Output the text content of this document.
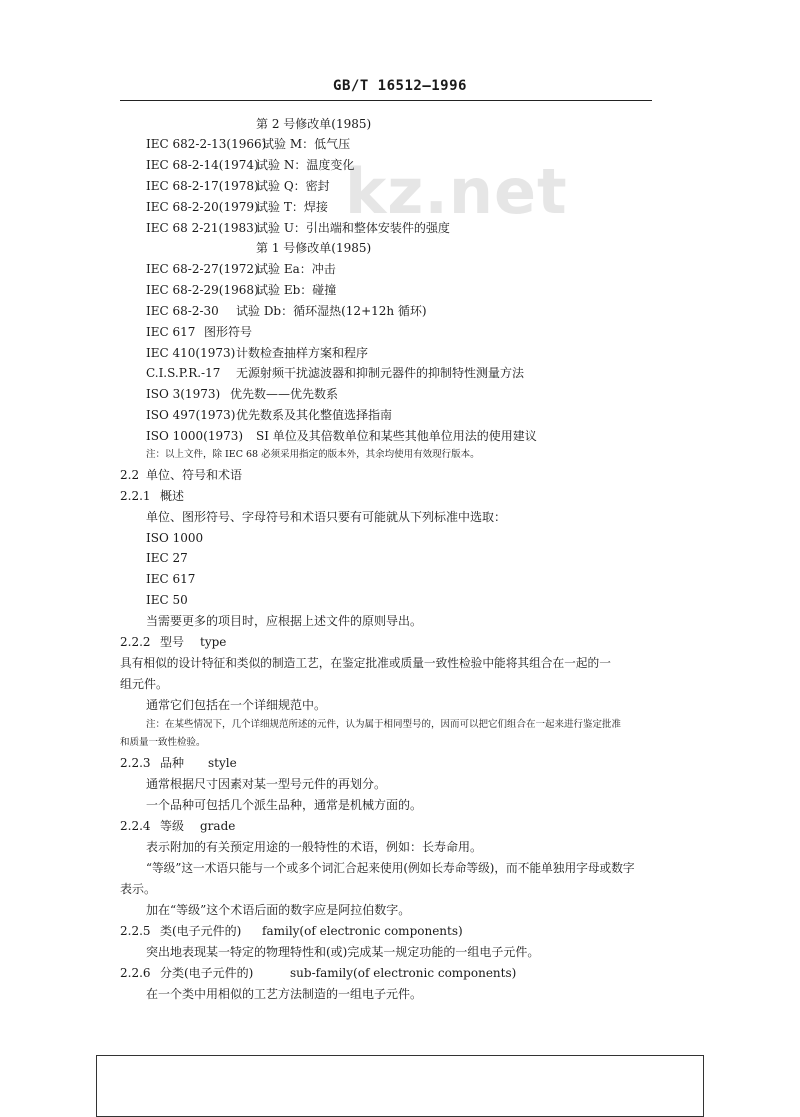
GB/T 16512—1996
kz.net
第 2 号修改单(1985)
IEC 682-2-13(1966)
试验 M：低气压
IEC 68-2-14(1974)
试验 N：温度变化
IEC 68-2-17(1978)
试验 Q：密封
IEC 68-2-20(1979)
试验 T：焊接
IEC 68 2-21(1983)
试验 U：引出端和整体安装件的强度
第 1 号修改单(1985)
IEC 68-2-27(1972)
试验 Ea：冲击
IEC 68-2-29(1968)
试验 Eb：碰撞
IEC 68-2-30 试验 Db：循环湿热(12+12h 循环)
IEC 617 图形符号
IEC 410(1973) 计数检查抽样方案和程序
C.I.S.P.R.-17 无源射频干扰滤波器和抑制元器件的抑制特性测量方法
ISO 3(1973) 优先数——优先数系
ISO 497(1973) 优先数系及其化整值选择指南
ISO 1000(1973) SI 单位及其倍数单位和某些其他单位用法的使用建议
注：以上文件，除 IEC 68 必须采用指定的版本外，其余均使用有效现行版本。
2.2 单位、符号和术语
2.2.1 概述
单位、图形符号、字母符号和术语只要有可能就从下列标准中选取：
ISO 1000
IEC 27
IEC 617
IEC 50
当需要更多的项目时，应根据上述文件的原则导出。
2.2.2 型号 type
具有相似的设计特征和类似的制造工艺，在鉴定批准或质量一致性检验中能将其组合在一起的一
组元件。
通常它们包括在一个详细规范中。
注：在某些情况下，几个详细规范所述的元件，认为属于相同型号的，因而可以把它们组合在一起来进行鉴定批准
和质量一致性检验。
2.2.3 品种 style
通常根据尺寸因素对某一型号元件的再划分。
一个品种可包括几个派生品种，通常是机械方面的。
2.2.4 等级 grade
表示附加的有关预定用途的一般特性的术语，例如：长寿命用。
“等级”这一术语只能与一个或多个词汇合起来使用(例如长寿命等级)，而不能单独用字母或数字
表示。
加在“等级”这个术语后面的数字应是阿拉伯数字。
2.2.5 类(电子元件的) family(of electronic components)
突出地表现某一特定的物理特性和(或)完成某一规定功能的一组电子元件。
2.2.6 分类(电子元件的)	sub-family(of electronic components)
在一个类中用相似的工艺方法制造的一组电子元件。
